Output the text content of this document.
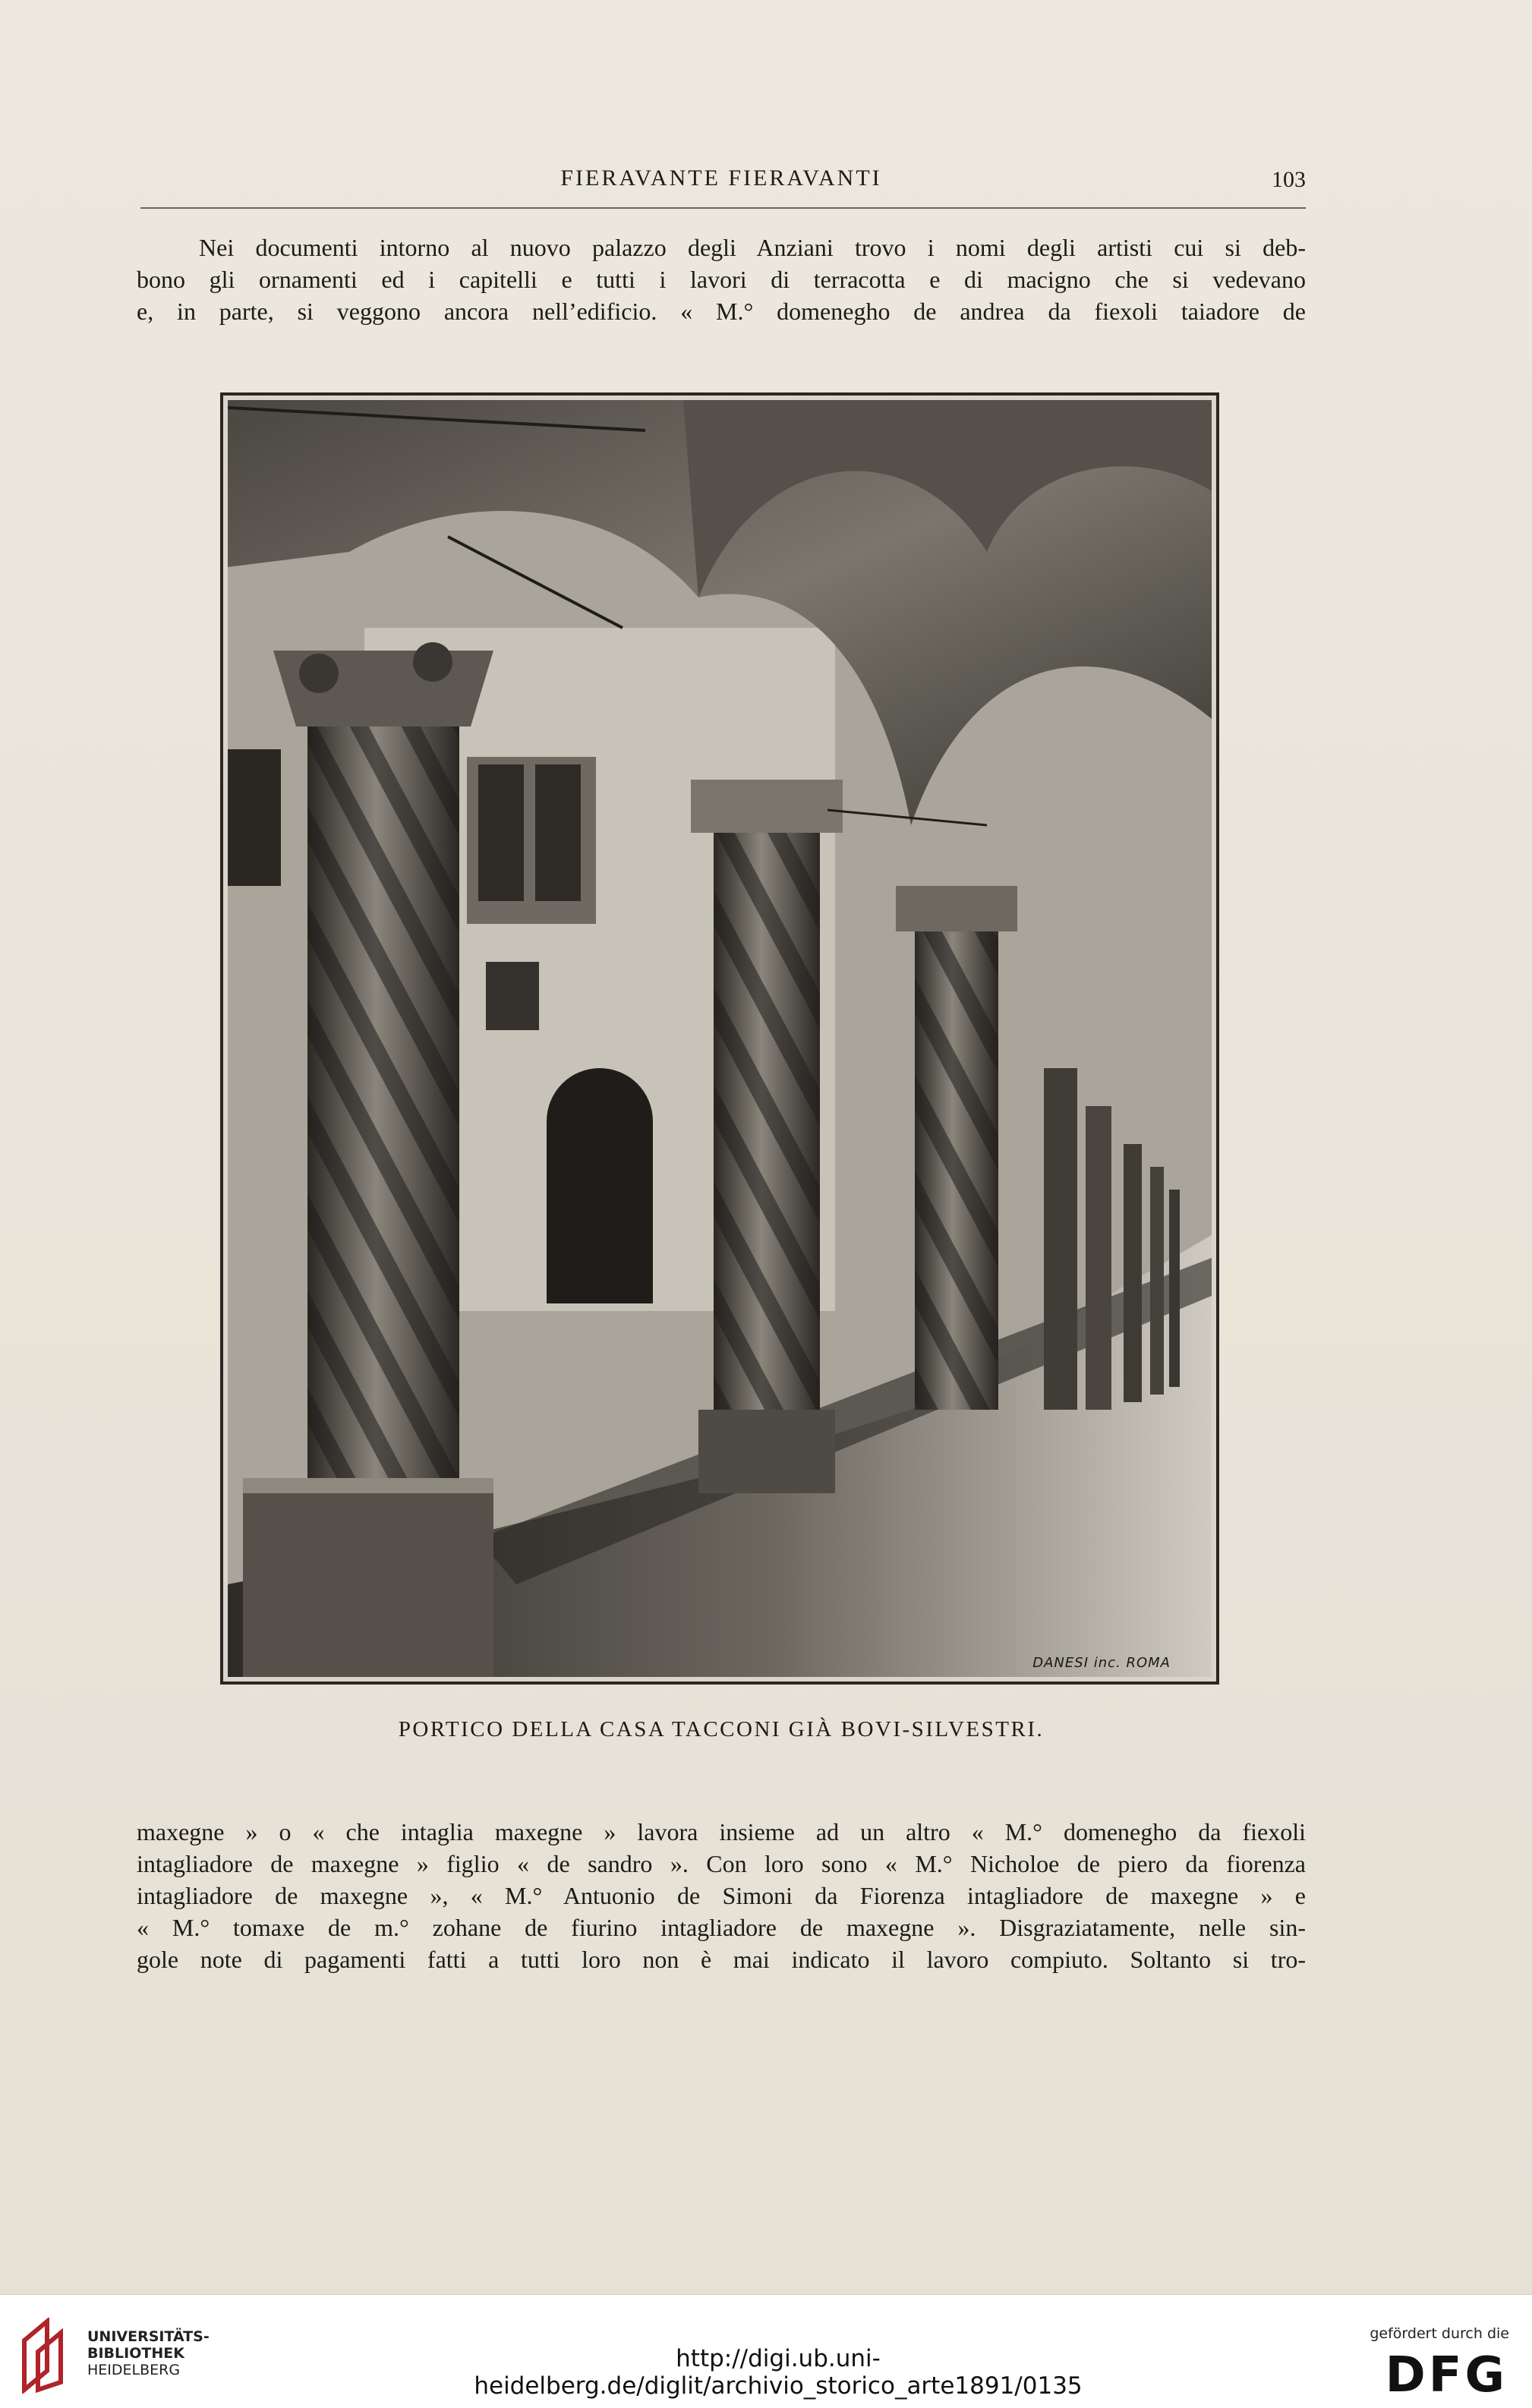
FIERAVANTE FIERAVANTI	103
Nei documenti intorno al nuovo palazzo degli Anziani trovo i nomi degli artisti cui si deb-
bono gli ornamenti ed i capitelli e tutti i lavori di terracotta e di macigno che si vedevano
e, in parte, si veggono ancora nell’edificio. « M.° domenegho de andrea da fiexoli taiadore de
DANESI inc. ROMA
PORTICO DELLA CASA TACCONI GIÀ BOVI-SILVESTRI.
maxegne » o « che intaglia maxegne » lavora insieme ad un altro « M.° domenegho da fiexoli
intagliadore de maxegne » figlio « de sandro ». Con loro sono « M.° Nicholoe de piero da fiorenza
intagliadore de maxegne », « M.° Antuonio de Simoni da Fiorenza intagliadore de maxegne » e
« M.° tomaxe de m.° zohane de fiurino intagliadore de maxegne ». Disgraziatamente, nelle sin-
gole note di pagamenti fatti a tutti loro non è mai indicato il lavoro compiuto. Soltanto si tro-
UNIVERSITÄTS-
BIBLIOTHEK
HEIDELBERG	http://digi.ub.uni-heidelberg.de/diglit/archivio_storico_arte1891/0135
gefördert durch die
DFG
